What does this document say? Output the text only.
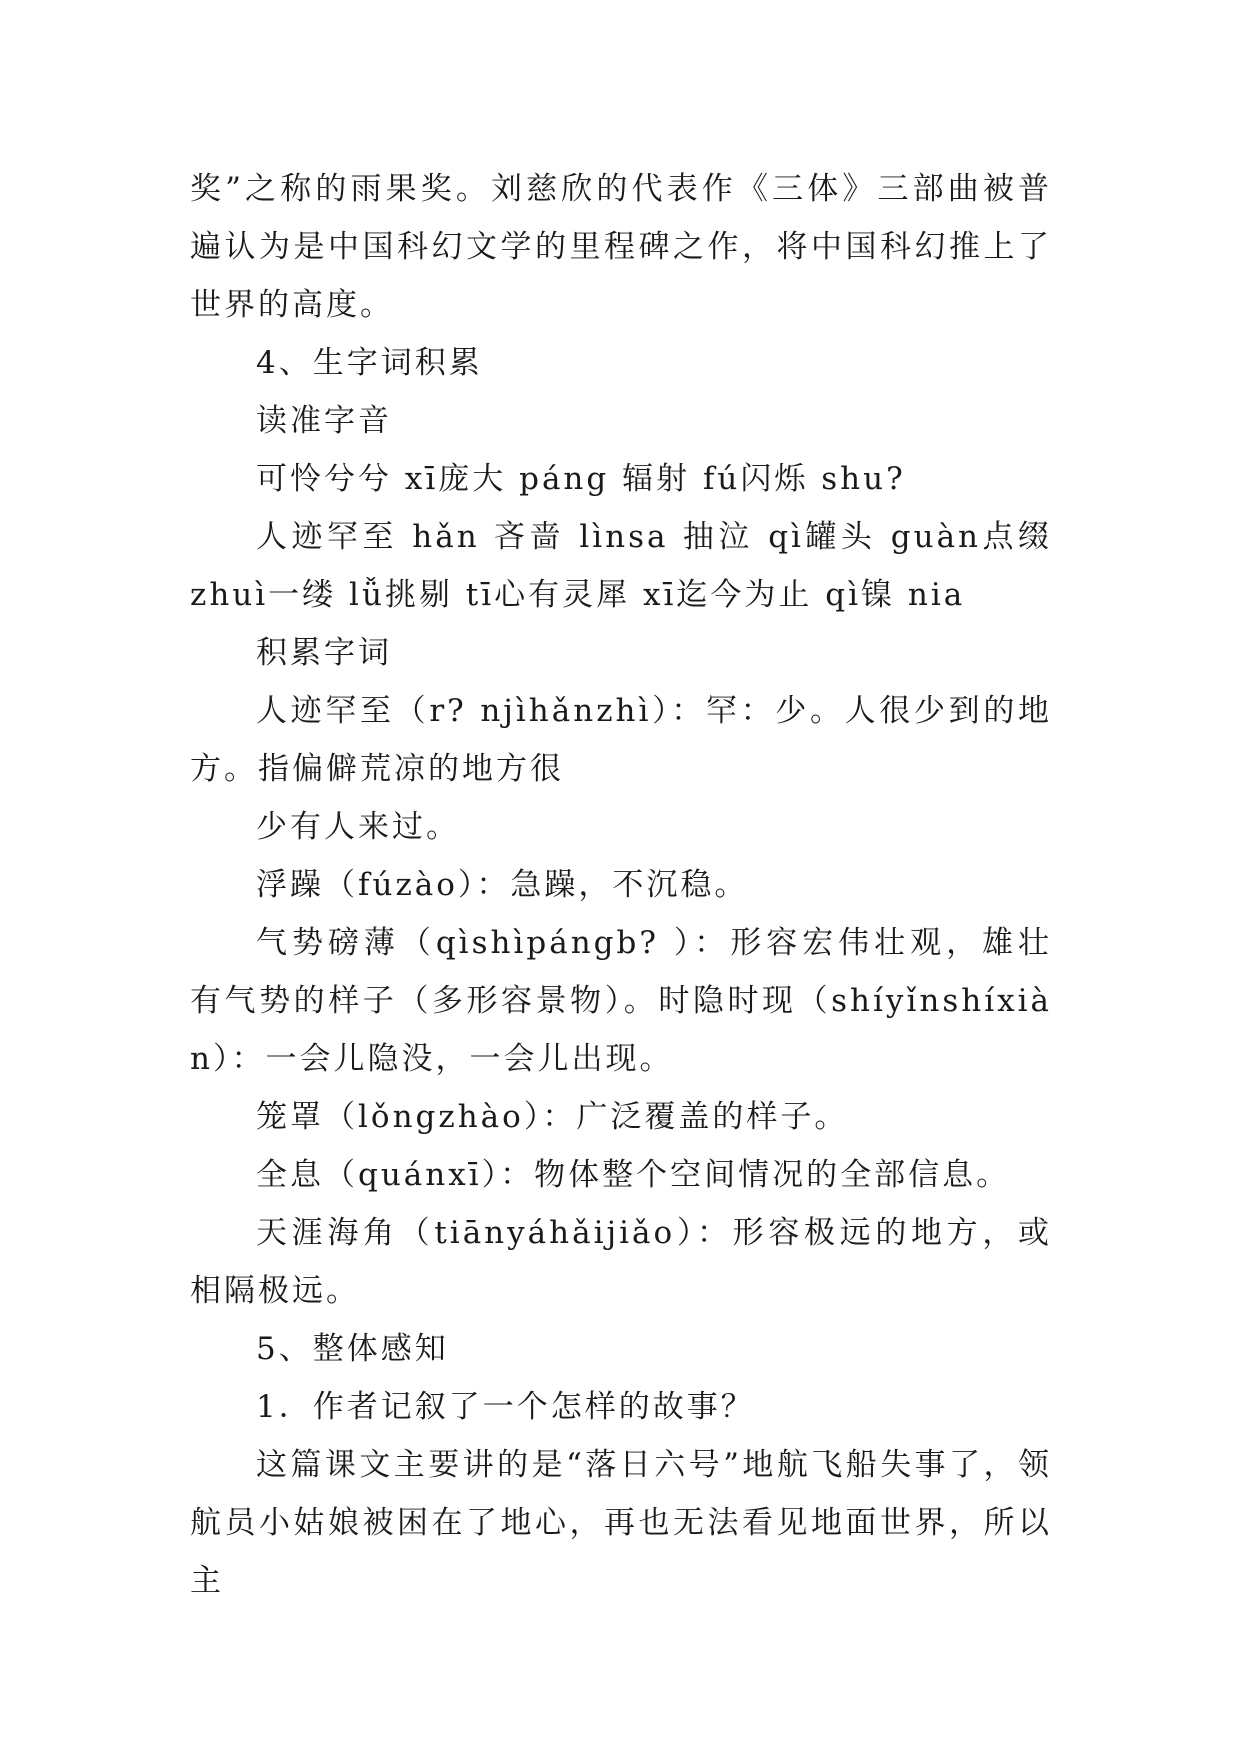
奖”之称的雨果奖。刘慈欣的代表作《三体》三部曲被普遍认为是中国科幻文学的里程碑之作，将中国科幻推上了世界的高度。

4、生字词积累

读准字音

可怜兮兮 xī庞大 páng 辐射 fú闪烁 shu?

人迹罕至 hǎn 吝啬 lìnsa 抽泣 qì罐头 guàn点缀 zhuì一缕 lǚ挑剔 tī心有灵犀 xī迄今为止 qì镍 nia

积累字词

人迹罕至（r? njìhǎnzhì）：罕：少。人很少到的地方。指偏僻荒凉的地方很

少有人来过。

浮躁（fúzào）：急躁，不沉稳。

气势磅薄（qìshìpángb? ）：形容宏伟壮观，雄壮有气势的样子（多形容景物）。时隐时现（shíyǐnshíxiàn）：一会儿隐没，一会儿出现。

笼罩（lǒngzhào）：广泛覆盖的样子。

全息（quánxī）：物体整个空间情况的全部信息。

天涯海角（tiānyáhǎijiǎo）：形容极远的地方，或相隔极远。

5、整体感知

1．作者记叙了一个怎样的故事？

这篇课文主要讲的是“落日六号”地航飞船失事了，领航员小姑娘被困在了地心，再也无法看见地面世界，所以主
